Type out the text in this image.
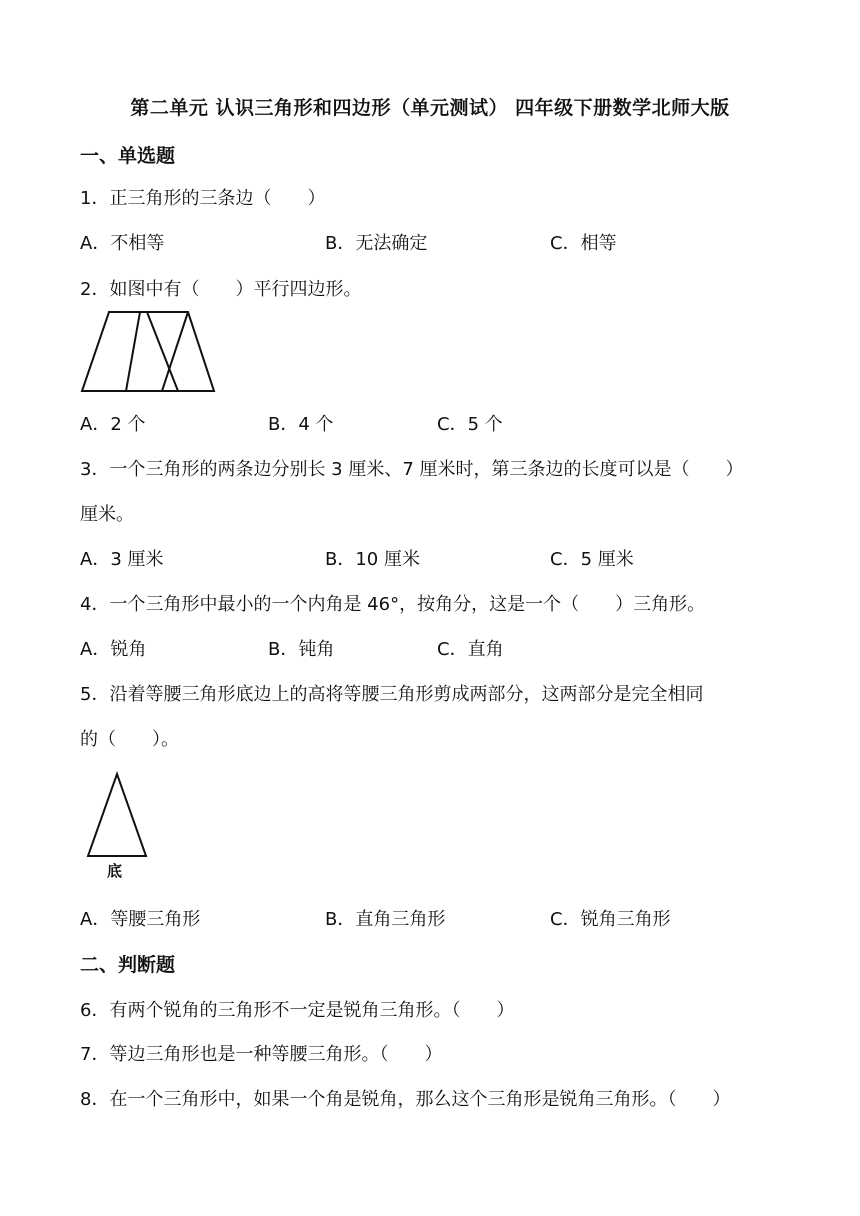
第二单元 认识三角形和四边形（单元测试） 四年级下册数学北师大版
一、单选题
1．正三角形的三条边（　　）
A．不相等	B．无法确定	C．相等
2．如图中有（　　）平行四边形。
A．2 个	B．4 个	C．5 个
3．一个三角形的两条边分别长 3 厘米、7 厘米时，第三条边的长度可以是（　　）
厘米。
A．3 厘米	B．10 厘米	C．5 厘米
4．一个三角形中最小的一个内角是 46°，按角分，这是一个（　　）三角形。
A．锐角	B．钝角	C．直角
5．沿着等腰三角形底边上的高将等腰三角形剪成两部分，这两部分是完全相同
的（　　）。
底
A．等腰三角形	B．直角三角形	C．锐角三角形
二、判断题
6．有两个锐角的三角形不一定是锐角三角形。（　　）
7．等边三角形也是一种等腰三角形。（　　）
8．在一个三角形中，如果一个角是锐角，那么这个三角形是锐角三角形。（　　）
